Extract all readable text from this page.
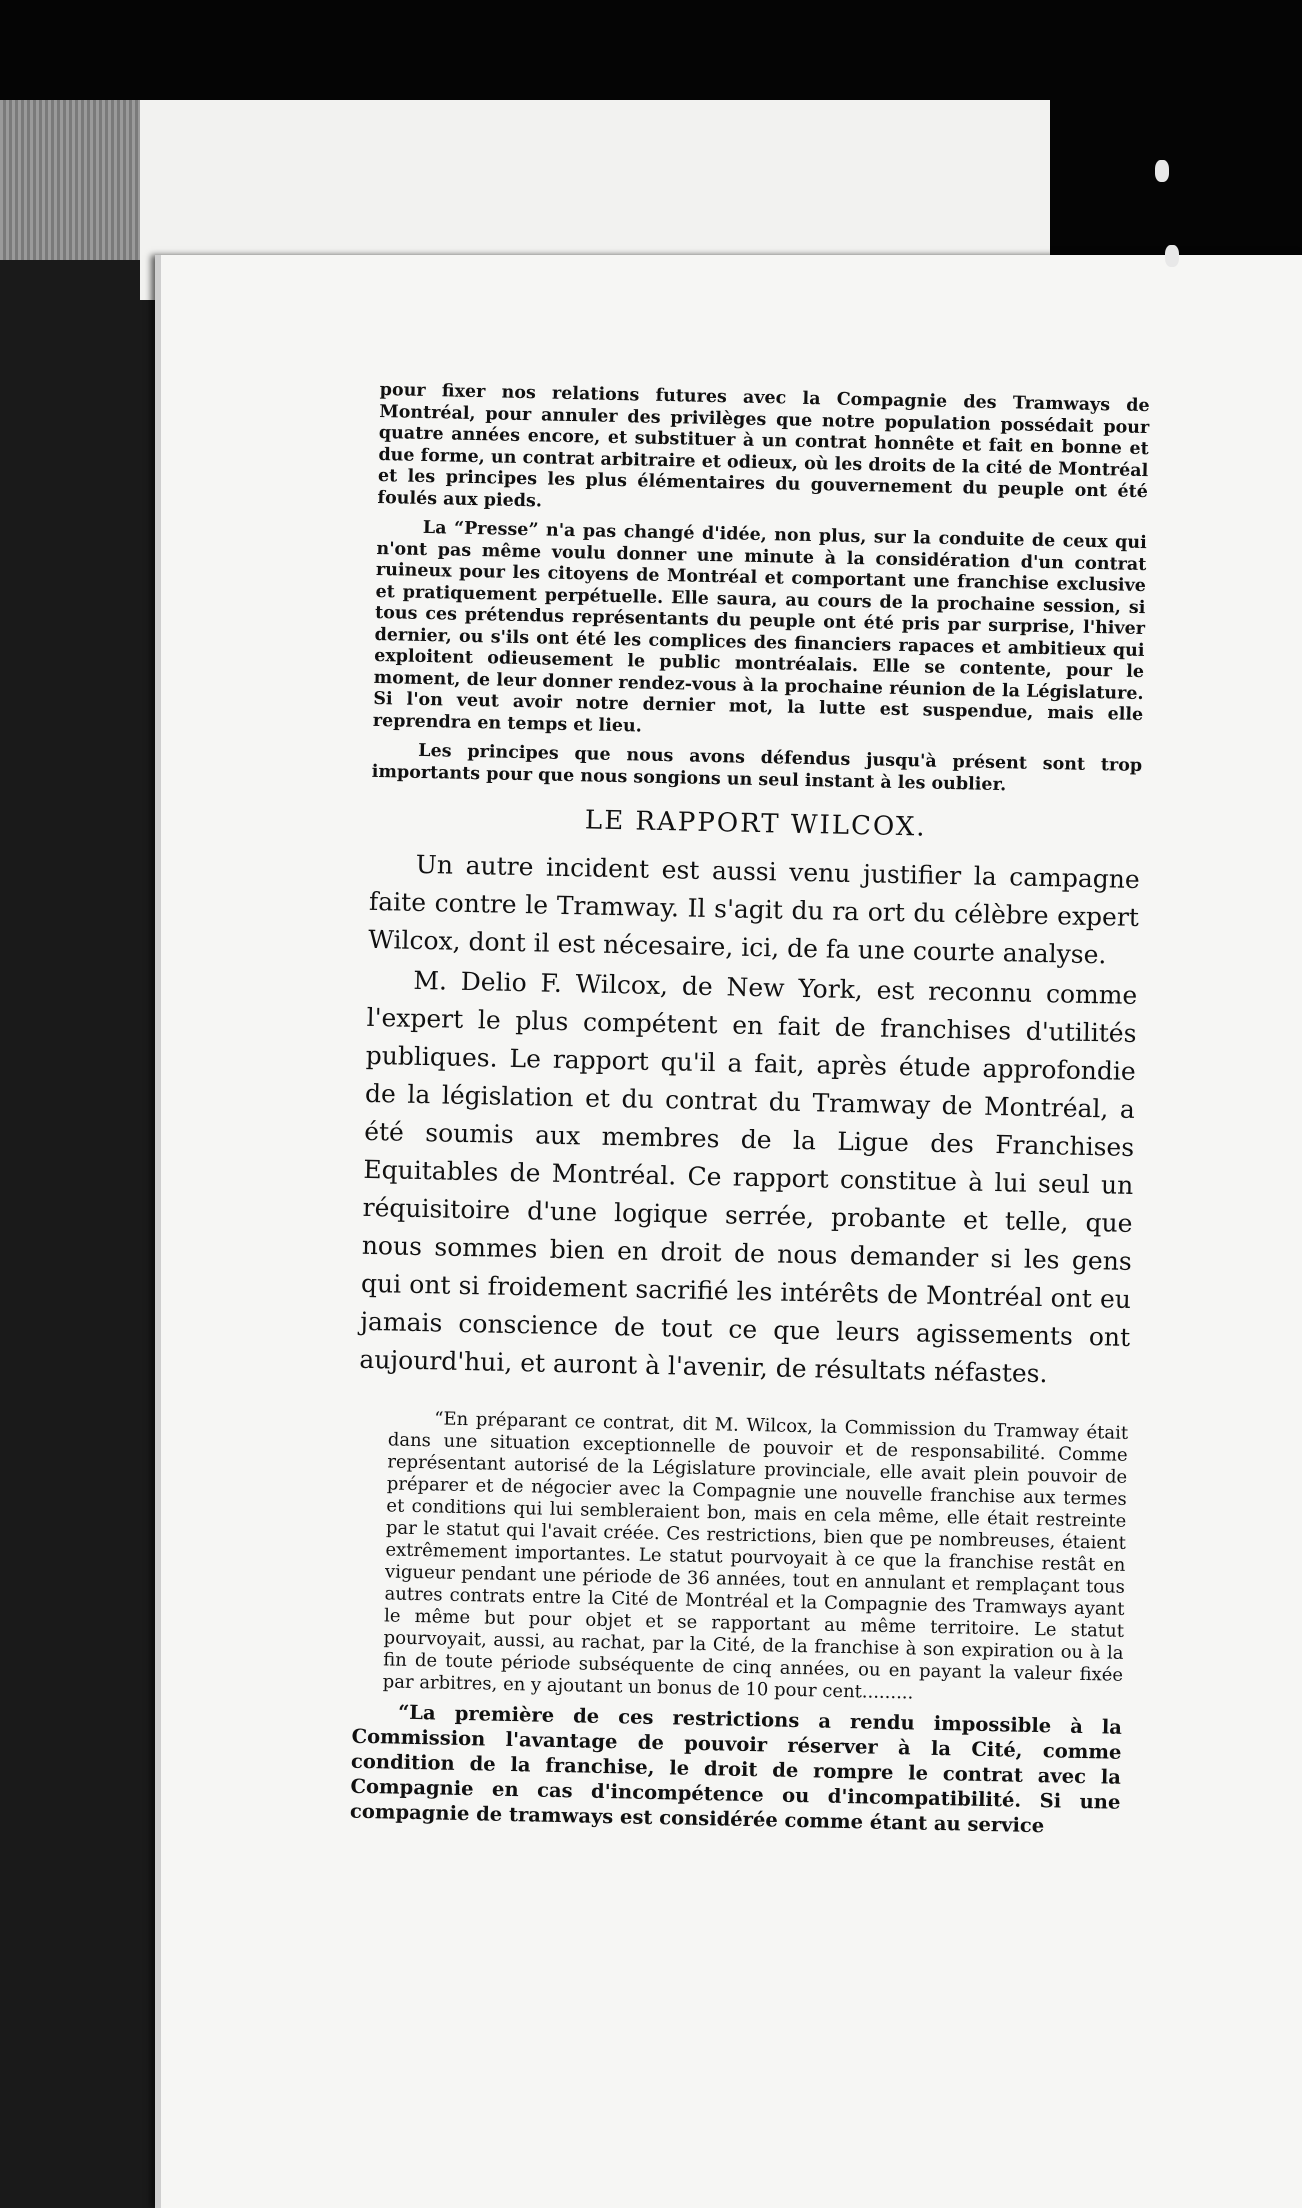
pour fixer nos relations futures avec la Compagnie des Tramways de Montréal, pour annuler des privilèges que notre population possédait pour quatre années encore, et substituer à un contrat honnête et fait en bonne et due forme, un contrat arbitraire et odieux, où les droits de la cité de Montréal et les principes les plus élémentaires du gouvernement du peuple ont été foulés aux pieds.

La “Presse” n'a pas changé d'idée, non plus, sur la conduite de ceux qui n'ont pas même voulu donner une minute à la considération d'un contrat ruineux pour les citoyens de Montréal et comportant une franchise exclusive et pratiquement perpétuelle. Elle saura, au cours de la prochaine session, si tous ces prétendus représentants du peuple ont été pris par surprise, l'hiver dernier, ou s'ils ont été les complices des financiers rapaces et ambitieux qui exploitent odieusement le public montréalais. Elle se contente, pour le moment, de leur donner rendez-vous à la prochaine réunion de la Législature. Si l'on veut avoir notre dernier mot, la lutte est suspendue, mais elle reprendra en temps et lieu.

Les principes que nous avons défendus jusqu'à présent sont trop importants pour que nous songions un seul instant à les oublier.

LE RAPPORT WILCOX.

Un autre incident est aussi venu justifier la campagne faite contre le Tramway. Il s'agit du ra ort du célèbre expert Wilcox, dont il est nécesaire, ici, de fa une courte analyse.

M. Delio F. Wilcox, de New York, est reconnu comme l'expert le plus compétent en fait de franchises d'utilités publiques. Le rapport qu'il a fait, après étude approfondie de la législation et du contrat du Tramway de Montréal, a été soumis aux membres de la Ligue des Franchises Equitables de Montréal. Ce rapport constitue à lui seul un réquisitoire d'une logique serrée, probante et telle, que nous sommes bien en droit de nous demander si les gens qui ont si froidement sacrifié les intérêts de Montréal ont eu jamais conscience de tout ce que leurs agissements ont aujourd'hui, et auront à l'avenir, de résultats néfastes.

“En préparant ce contrat, dit M. Wilcox, la Commission du Tramway était dans une situation exceptionnelle de pouvoir et de responsabilité. Comme représentant autorisé de la Législature provinciale, elle avait plein pouvoir de préparer et de négocier avec la Compagnie une nouvelle franchise aux termes et conditions qui lui sembleraient bon, mais en cela même, elle était restreinte par le statut qui l'avait créée. Ces restrictions, bien que pe nombreuses, étaient extrêmement importantes. Le statut pourvoyait à ce que la franchise restât en vigueur pendant une période de 36 années, tout en annulant et remplaçant tous autres contrats entre la Cité de Montréal et la Compagnie des Tramways ayant le même but pour objet et se rapportant au même territoire. Le statut pourvoyait, aussi, au rachat, par la Cité, de la franchise à son expiration ou à la fin de toute période subséquente de cinq années, ou en payant la valeur fixée par arbitres, en y ajoutant un bonus de 10 pour cent.........

“La première de ces restrictions a rendu impossible à la Commission l'avantage de pouvoir réserver à la Cité, comme condition de la franchise, le droit de rompre le contrat avec la Compagnie en cas d'incompétence ou d'incompatibilité. Si une compagnie de tramways est considérée comme étant au service
